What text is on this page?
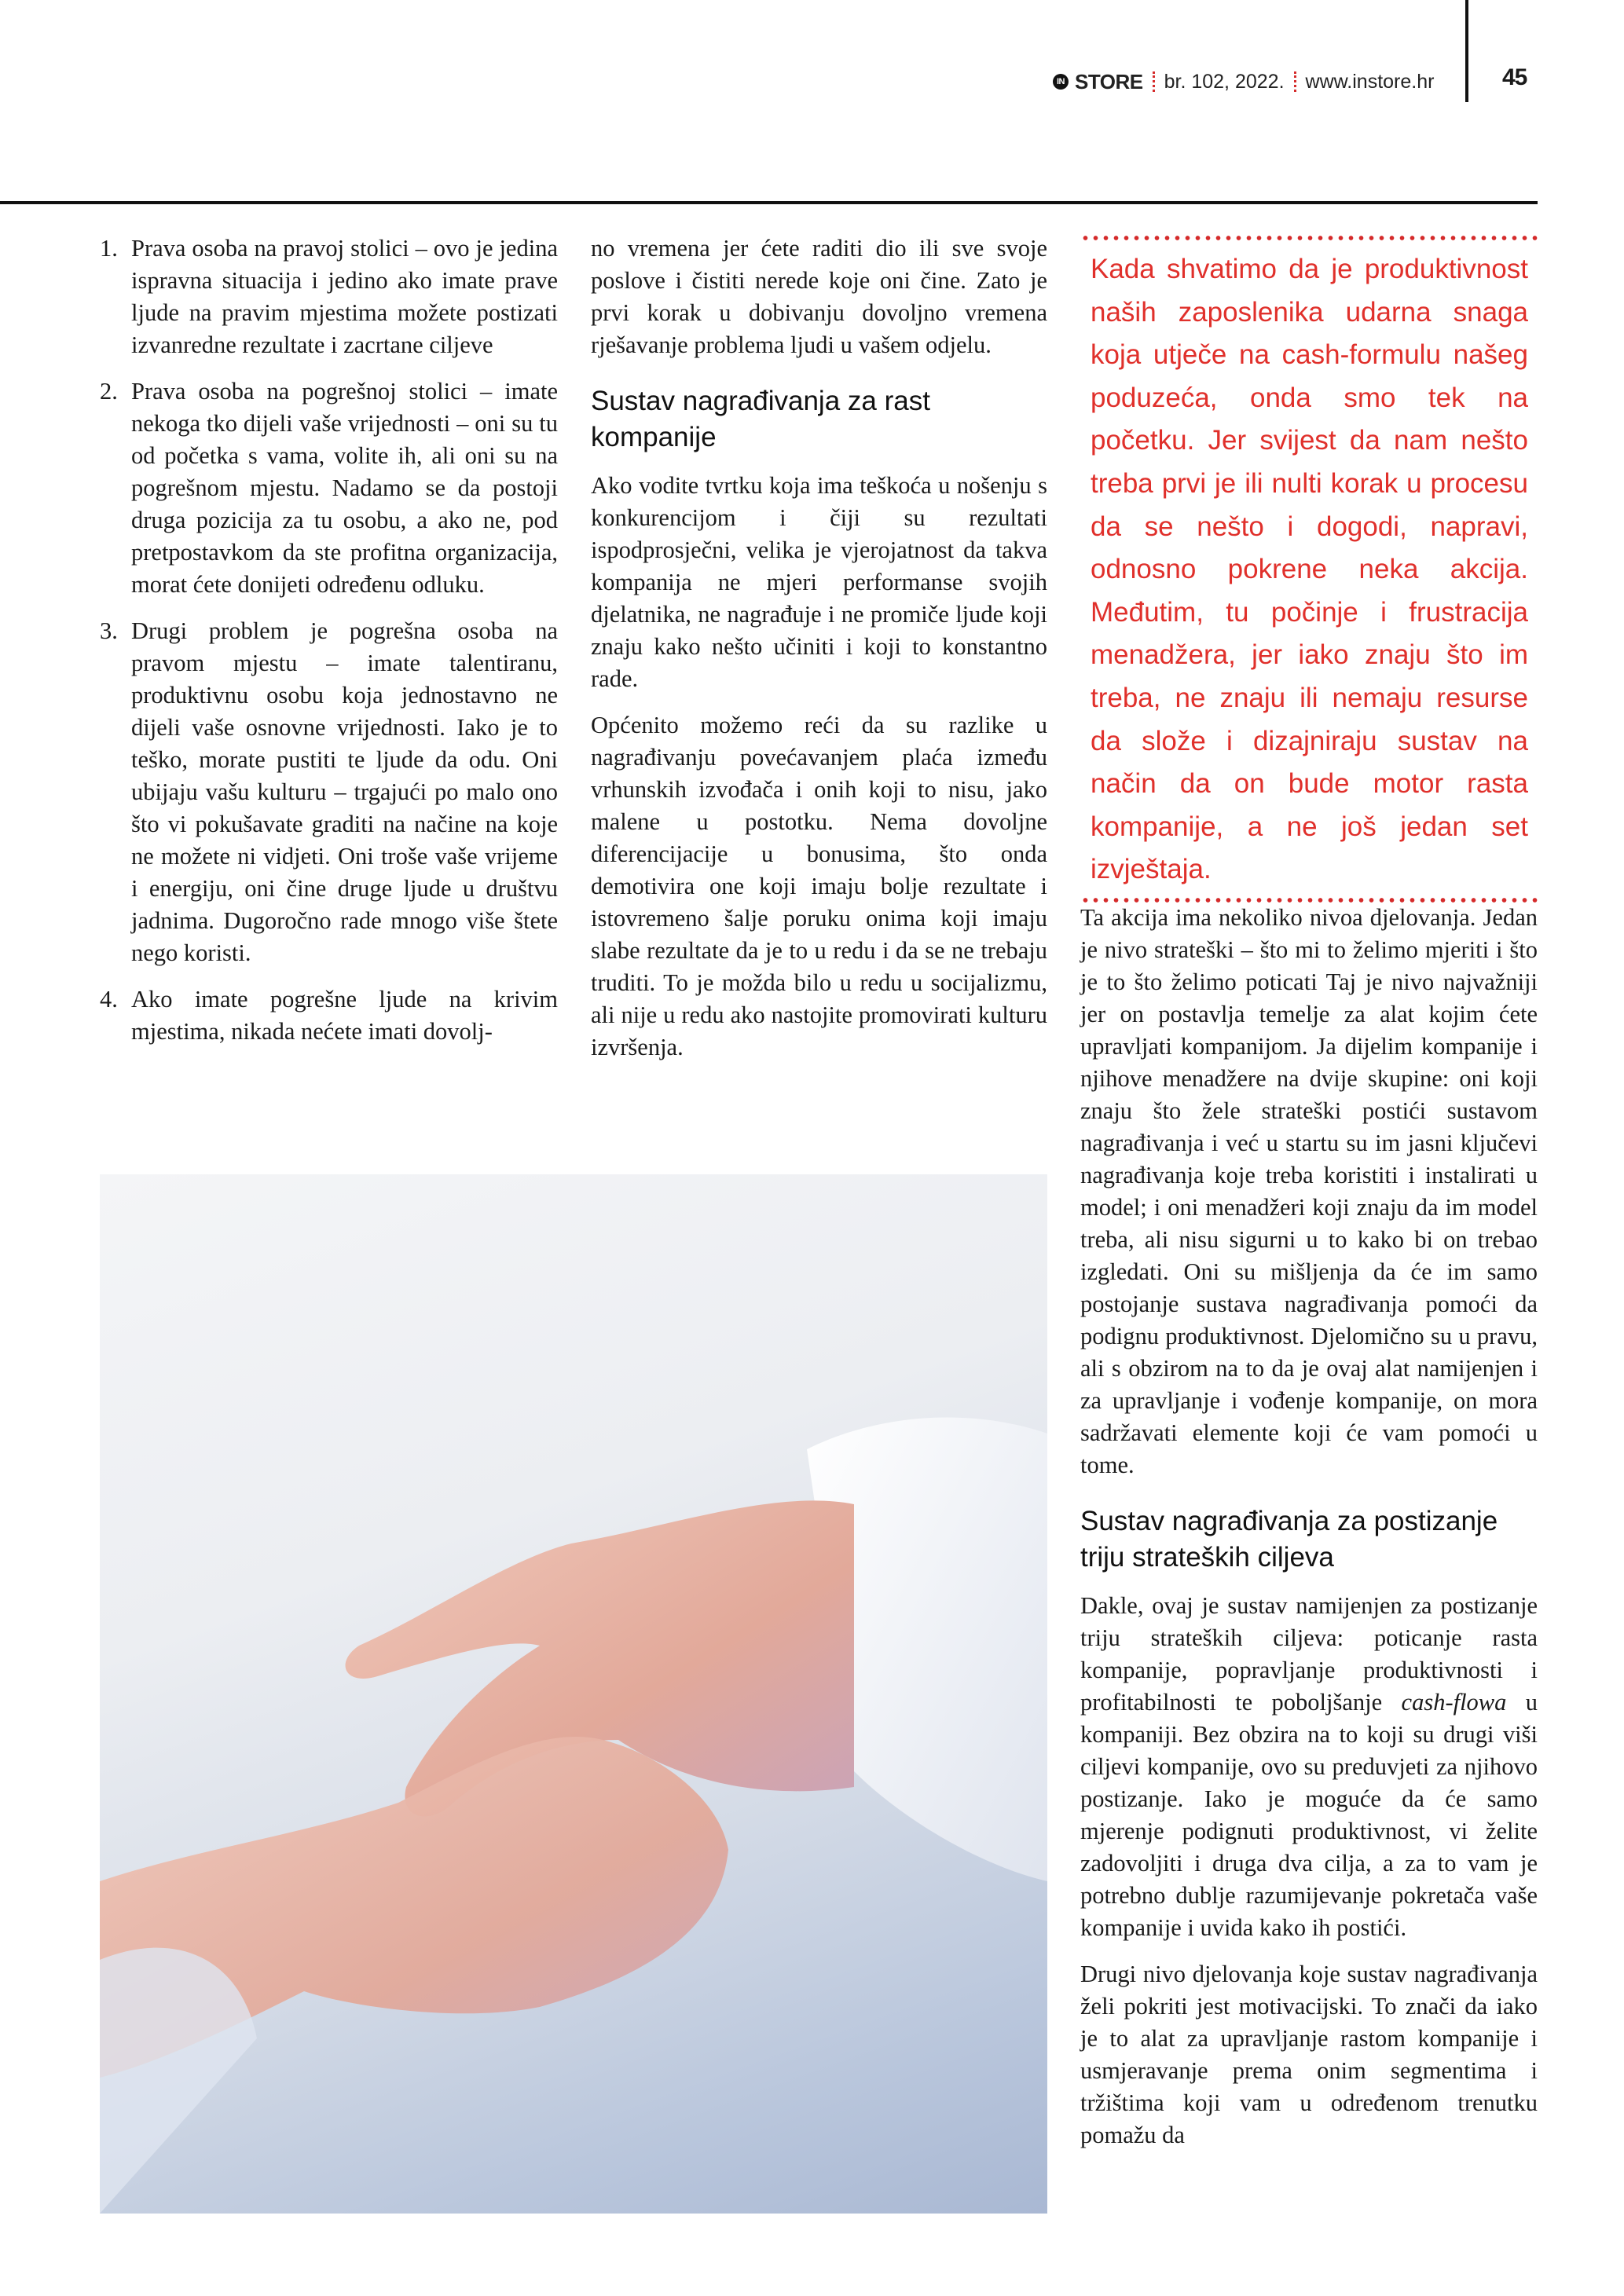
IN STORE br. 102, 2022. www.instore.hr	45
1. Prava osoba na pravoj stolici – ovo je jedina ispravna situacija i jedino ako imate prave ljude na pravim mjestima možete postizati izvanredne rezultate i zacrtane ciljeve
2. Prava osoba na pogrešnoj stolici – imate nekoga tko dijeli vaše vrijednosti – oni su tu od početka s vama, volite ih, ali oni su na pogrešnom mjestu. Nadamo se da postoji druga pozicija za tu osobu, a ako ne, pod pretpostavkom da ste profitna organizacija, morat ćete donijeti određenu odluku.
3. Drugi problem je pogrešna osoba na pravom mjestu – imate talentiranu, produktivnu osobu koja jednostavno ne dijeli vaše osnovne vrijednosti. Iako je to teško, morate pustiti te ljude da odu. Oni ubijaju vašu kulturu – trgajući po malo ono što vi pokušavate graditi na načine na koje ne možete ni vidjeti. Oni troše vaše vrijeme i energiju, oni čine druge ljude u društvu jadnima. Dugoročno rade mnogo više štete nego koristi.
4. Ako imate pogrešne ljude na krivim mjestima, nikada nećete imati dovolj-

no vremena jer ćete raditi dio ili sve svoje poslove i čistiti nerede koje oni čine. Zato je prvi korak u dobivanju dovoljno vremena rješavanje problema ljudi u vašem odjelu.

Sustav nagrađivanja za rast kompanije

Ako vodite tvrtku koja ima teškoća u nošenju s konkurencijom i čiji su rezultati ispodprosječni, velika je vjerojatnost da takva kompanija ne mjeri performanse svojih djelatnika, ne nagrađuje i ne promiče ljude koji znaju kako nešto učiniti i koji to konstantno rade.

Općenito možemo reći da su razlike u nagrađivanju povećavanjem plaća između vrhunskih izvođača i onih koji to nisu, jako malene u postotku. Nema dovoljne diferencijacije u bonusima, što onda demotivira one koji imaju bolje rezultate i istovremeno šalje poruku onima koji imaju slabe rezultate da je to u redu i da se ne trebaju truditi. To je možda bilo u redu u socijalizmu, ali nije u redu ako nastojite promovirati kulturu izvršenja.

Kada shvatimo da je produktivnost naših zaposlenika udarna snaga koja utječe na cash-formulu našeg poduzeća, onda smo tek na početku. Jer svijest da nam nešto treba prvi je ili nulti korak u procesu da se nešto i dogodi, napravi, odnosno pokrene neka akcija. Međutim, tu počinje i frustracija menadžera, jer iako znaju što im treba, ne znaju ili nemaju resurse da slože i dizajniraju sustav na način da on bude motor rasta kompanije, a ne još jedan set izvještaja.

Ta akcija ima nekoliko nivoa djelovanja. Jedan je nivo strateški – što mi to želimo mjeriti i što je to što želimo poticati Taj je nivo najvažniji jer on postavlja temelje za alat kojim ćete upravljati kompanijom. Ja dijelim kompanije i njihove menadžere na dvije skupine: oni koji znaju što žele strateški postići sustavom nagrađivanja i već u startu su im jasni ključevi nagrađivanja koje treba koristiti i instalirati u model; i oni menadžeri koji znaju da im model treba, ali nisu sigurni u to kako bi on trebao izgledati. Oni su mišljenja da će im samo postojanje sustava nagrađivanja pomoći da podignu produktivnost. Djelomično su u pravu, ali s obzirom na to da je ovaj alat namijenjen i za upravljanje i vođenje kompanije, on mora sadržavati elemente koji će vam pomoći u tome.

Sustav nagrađivanja za postizanje triju strateških ciljeva

Dakle, ovaj je sustav namijenjen za postizanje triju strateških ciljeva: poticanje rasta kompanije, popravljanje produktivnosti i profitabilnosti te poboljšanje cash-flowa u kompaniji. Bez obzira na to koji su drugi viši ciljevi kompanije, ovo su preduvjeti za njihovo postizanje. Iako je moguće da će samo mjerenje podignuti produktivnost, vi želite zadovoljiti i druga dva cilja, a za to vam je potrebno dublje razumijevanje pokretača vaše kompanije i uvida kako ih postići.

Drugi nivo djelovanja koje sustav nagrađivanja želi pokriti jest motivacijski. To znači da iako je to alat za upravljanje rastom kompanije i usmjeravanje prema onim segmentima i tržištima koji vam u određenom trenutku pomažu da
